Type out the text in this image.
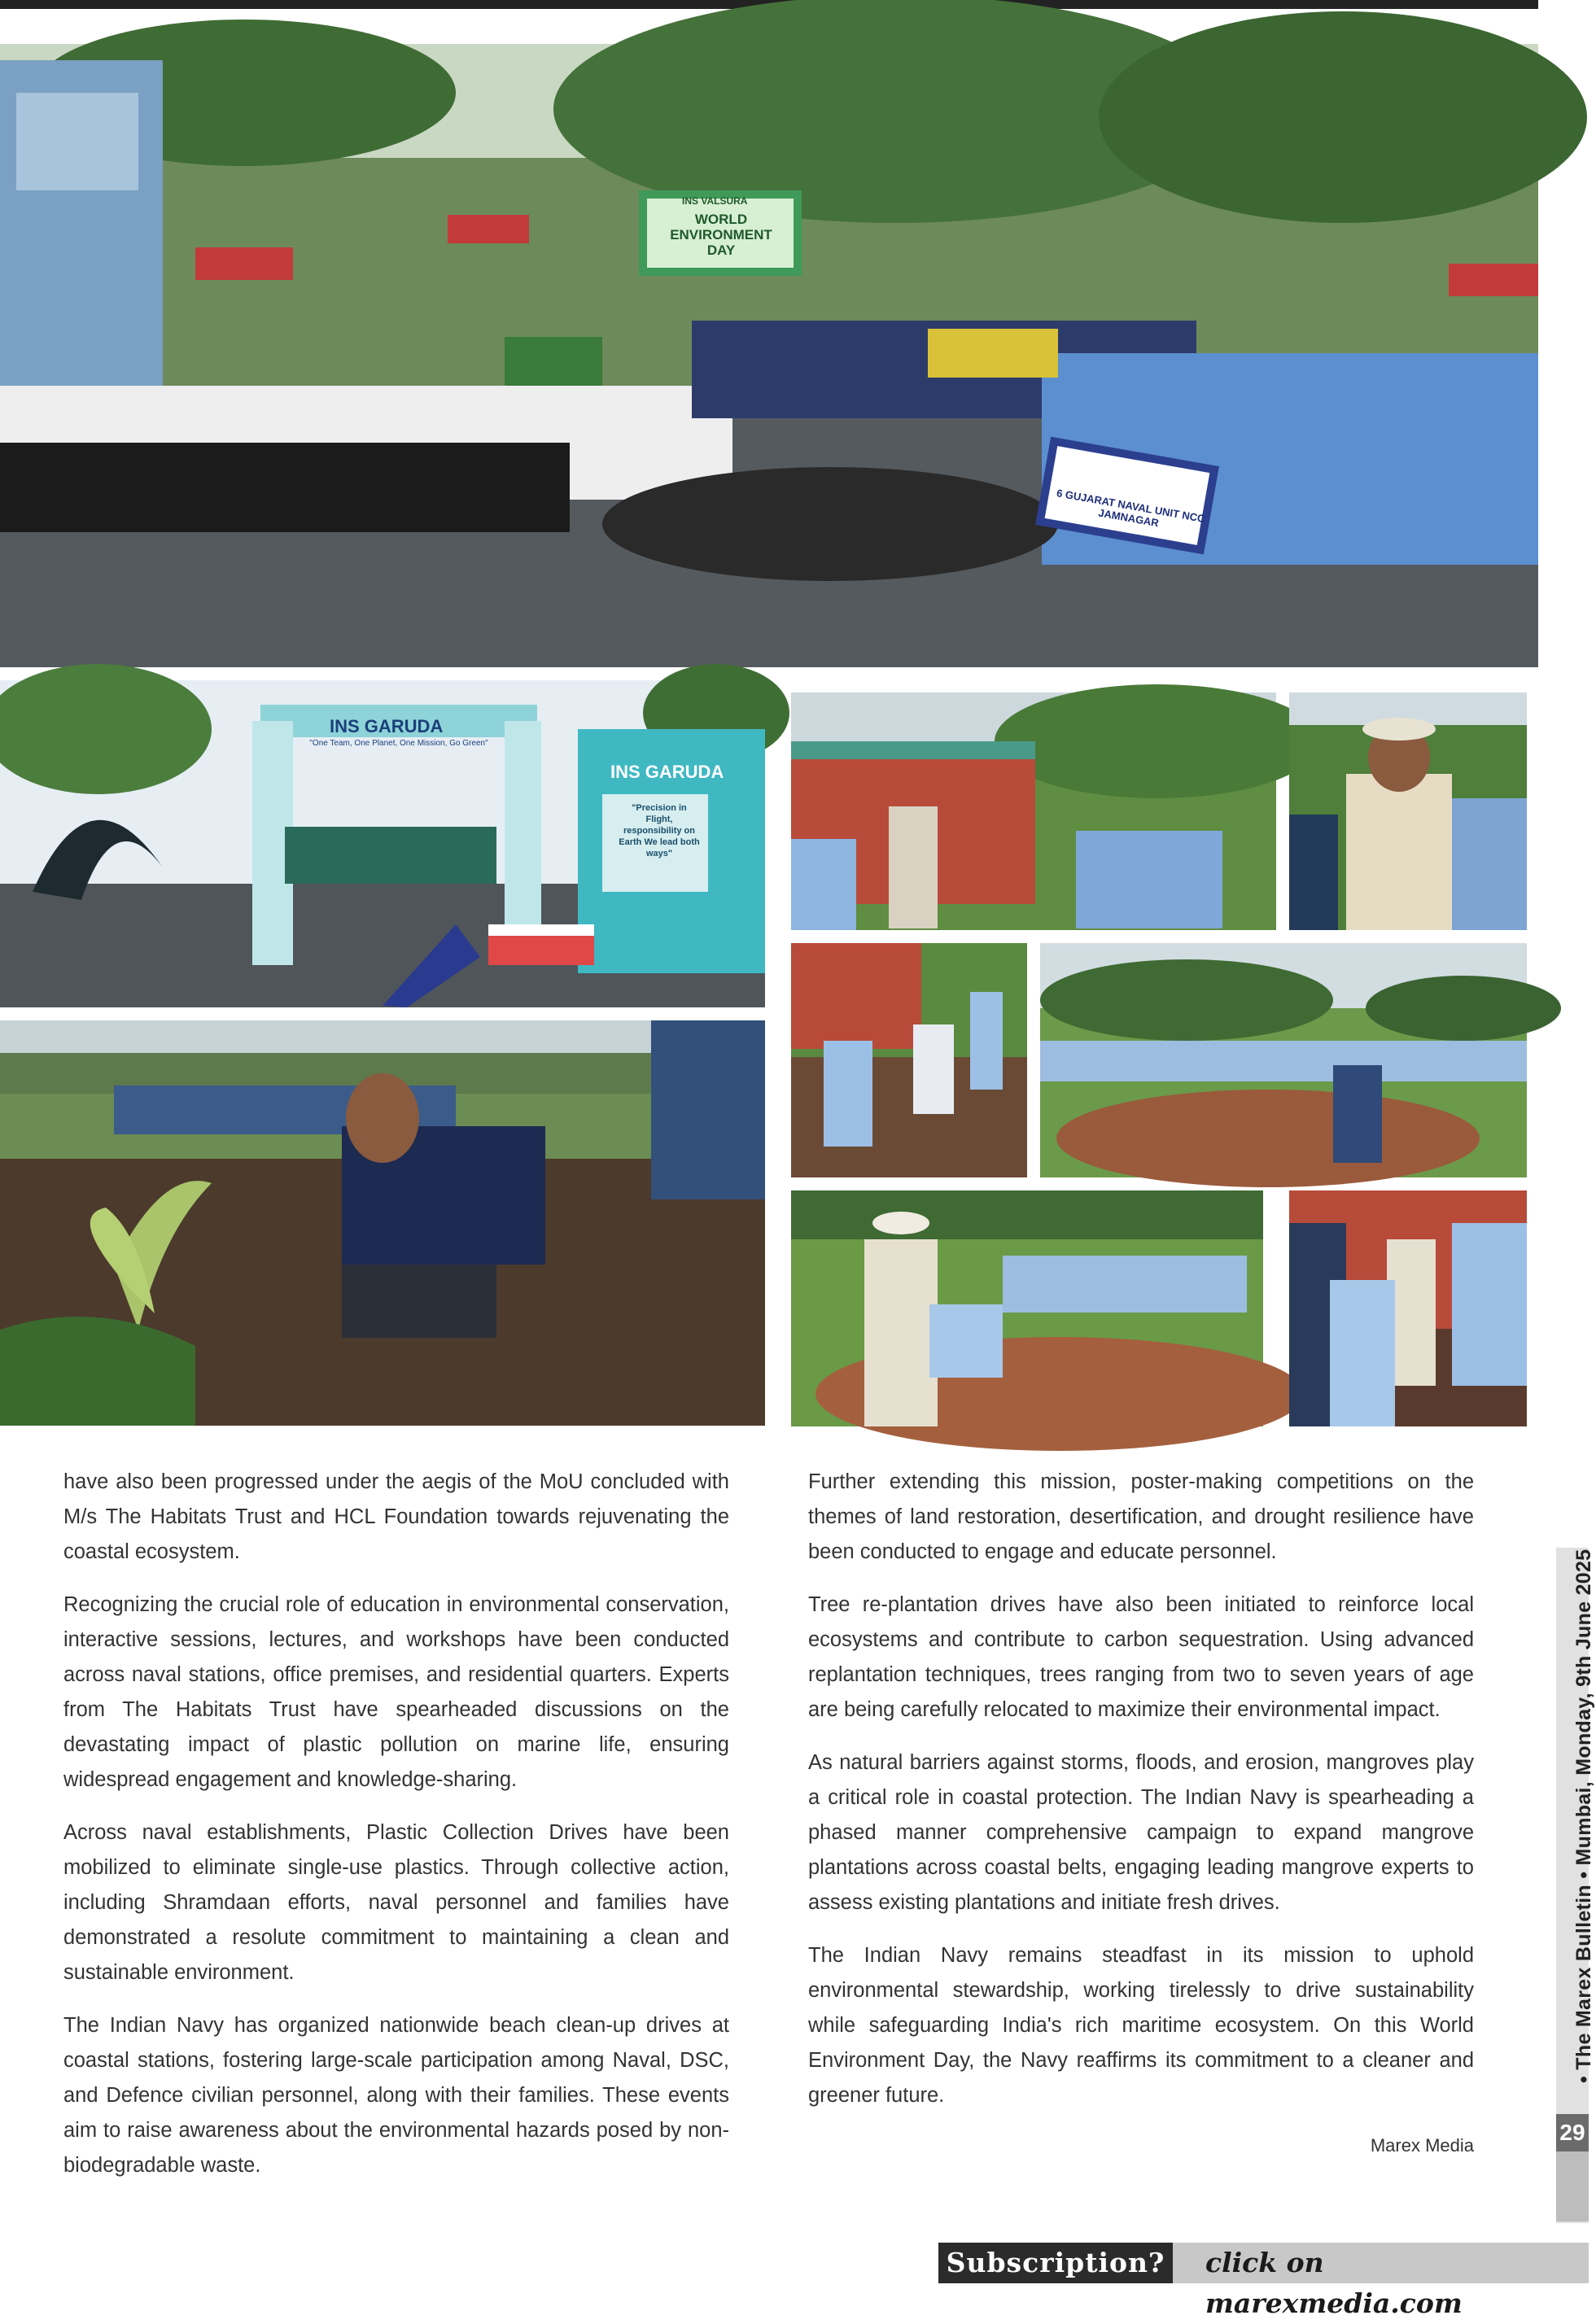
INS VALSURA
WORLD ENVIRONMENT DAY
6 GUJARAT NAVAL UNIT NCC JAMNAGAR
INS GARUDA
"One Team, One Planet, One Mission, Go Green"
INS GARUDA
"Precision in Flight, responsibility on Earth We lead both ways"

have also been progressed under the aegis of the MoU concluded with M/s The Habitats Trust and HCL Foundation towards rejuvenating the coastal ecosystem.

Recognizing the crucial role of education in environmental conservation, interactive sessions, lectures, and workshops have been conducted across naval stations, office premises, and residential quarters. Experts from The Habitats Trust have spearheaded discussions on the devastating impact of plastic pollution on marine life, ensuring widespread engagement and knowledge-sharing.

Across naval establishments, Plastic Collection Drives have been mobilized to eliminate single-use plastics. Through collective action, including Shramdaan efforts, naval personnel and families have demonstrated a resolute commitment to maintaining a clean and sustainable environment.

The Indian Navy has organized nationwide beach clean-up drives at coastal stations, fostering large-scale participation among Naval, DSC, and Defence civilian personnel, along with their families. These events aim to raise awareness about the environmental hazards posed by non-biodegradable waste.

Further extending this mission, poster-making competitions on the themes of land restoration, desertification, and drought resilience have been conducted to engage and educate personnel.

Tree re-plantation drives have also been initiated to reinforce local ecosystems and contribute to carbon sequestration. Using advanced replantation techniques, trees ranging from two to seven years of age are being carefully relocated to maximize their environmental impact.

As natural barriers against storms, floods, and erosion, mangroves play a critical role in coastal protection. The Indian Navy is spearheading a phased manner comprehensive campaign to expand mangrove plantations across coastal belts, engaging leading mangrove experts to assess existing plantations and initiate fresh drives.

The Indian Navy remains steadfast in its mission to uphold environmental stewardship, working tirelessly to drive sustainability while safeguarding India's rich maritime ecosystem. On this World Environment Day, the Navy reaffirms its commitment to a cleaner and greener future.

Marex Media
• The Marex Bulletin • Mumbai, Monday, 9th June 2025
29
Subscription?	click on marexmedia.com
